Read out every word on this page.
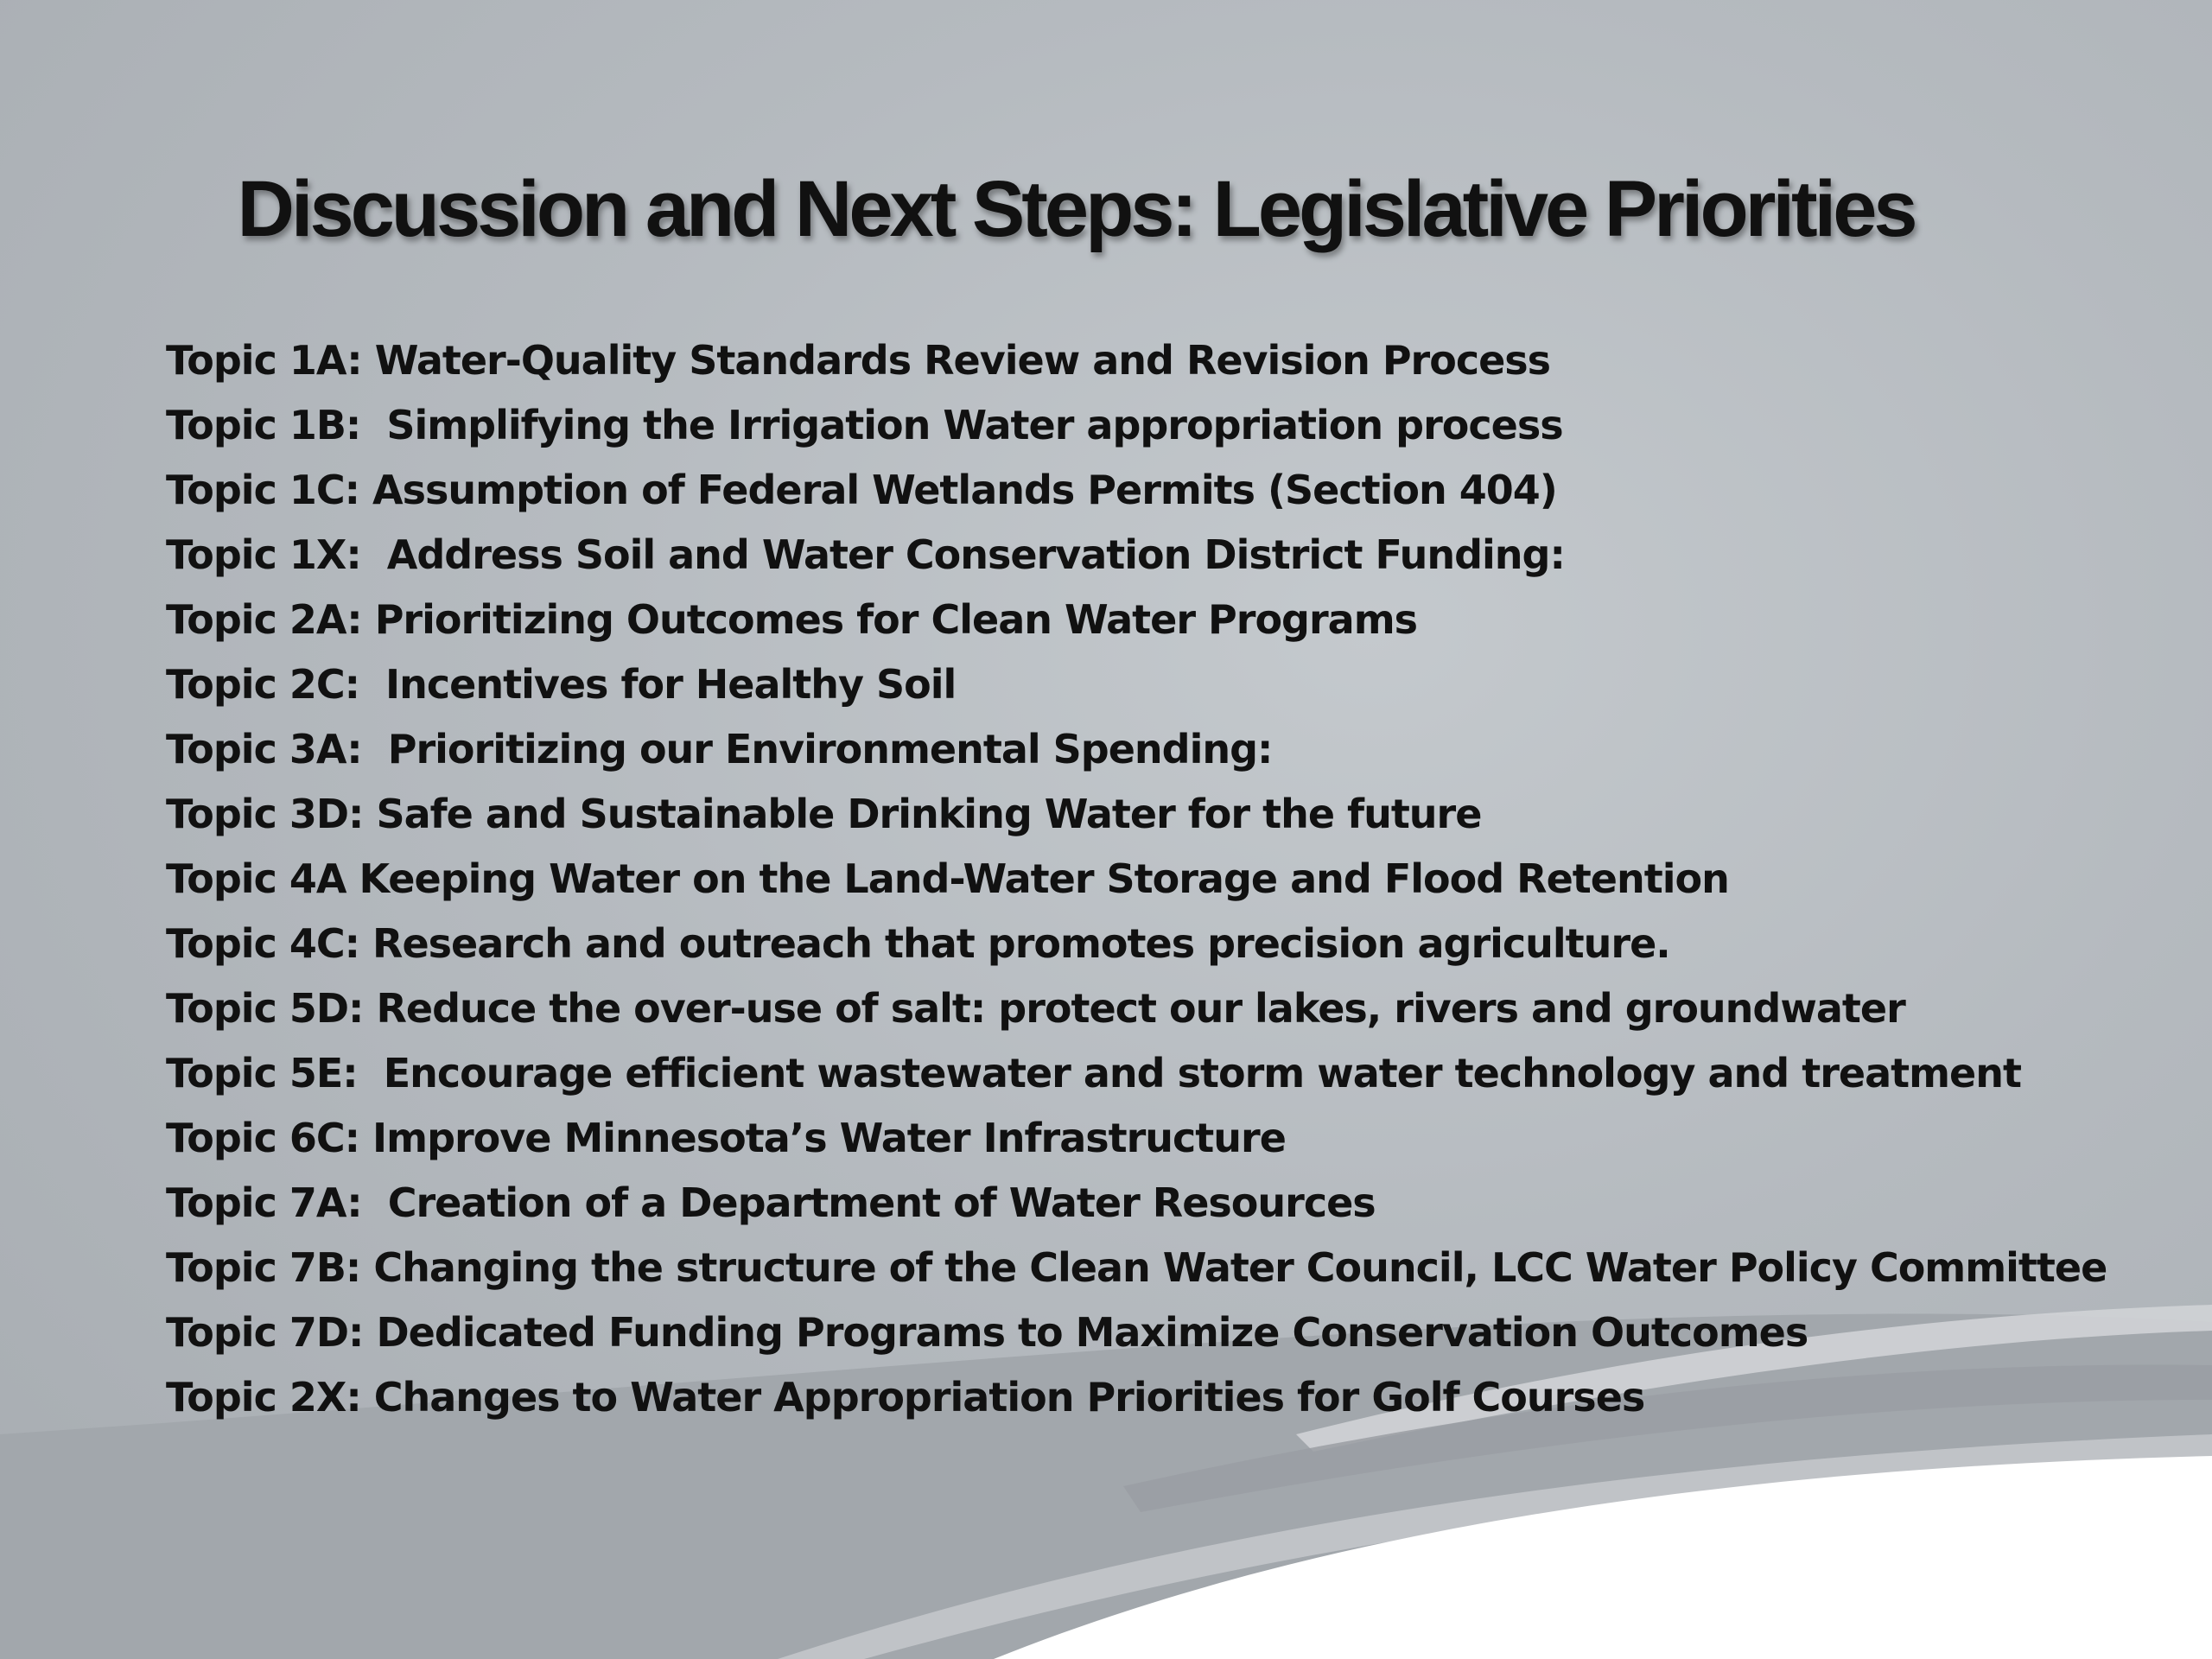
Discussion and Next Steps: Legislative Priorities
Topic 1A: Water-Quality Standards Review and Revision Process
Topic 1B:  Simplifying the Irrigation Water appropriation process
Topic 1C: Assumption of Federal Wetlands Permits (Section 404)
Topic 1X:  Address Soil and Water Conservation District Funding:
Topic 2A: Prioritizing Outcomes for Clean Water Programs
Topic 2C:  Incentives for Healthy Soil
Topic 3A:  Prioritizing our Environmental Spending:
Topic 3D: Safe and Sustainable Drinking Water for the future
Topic 4A Keeping Water on the Land-Water Storage and Flood Retention
Topic 4C: Research and outreach that promotes precision agriculture.
Topic 5D: Reduce the over-use of salt: protect our lakes, rivers and groundwater
Topic 5E:  Encourage efficient wastewater and storm water technology and treatment
Topic 6C: Improve Minnesota’s Water Infrastructure
Topic 7A:  Creation of a Department of Water Resources
Topic 7B: Changing the structure of the Clean Water Council, LCC Water Policy Committee
Topic 7D: Dedicated Funding Programs to Maximize Conservation Outcomes
Topic 2X: Changes to Water Appropriation Priorities for Golf Courses
